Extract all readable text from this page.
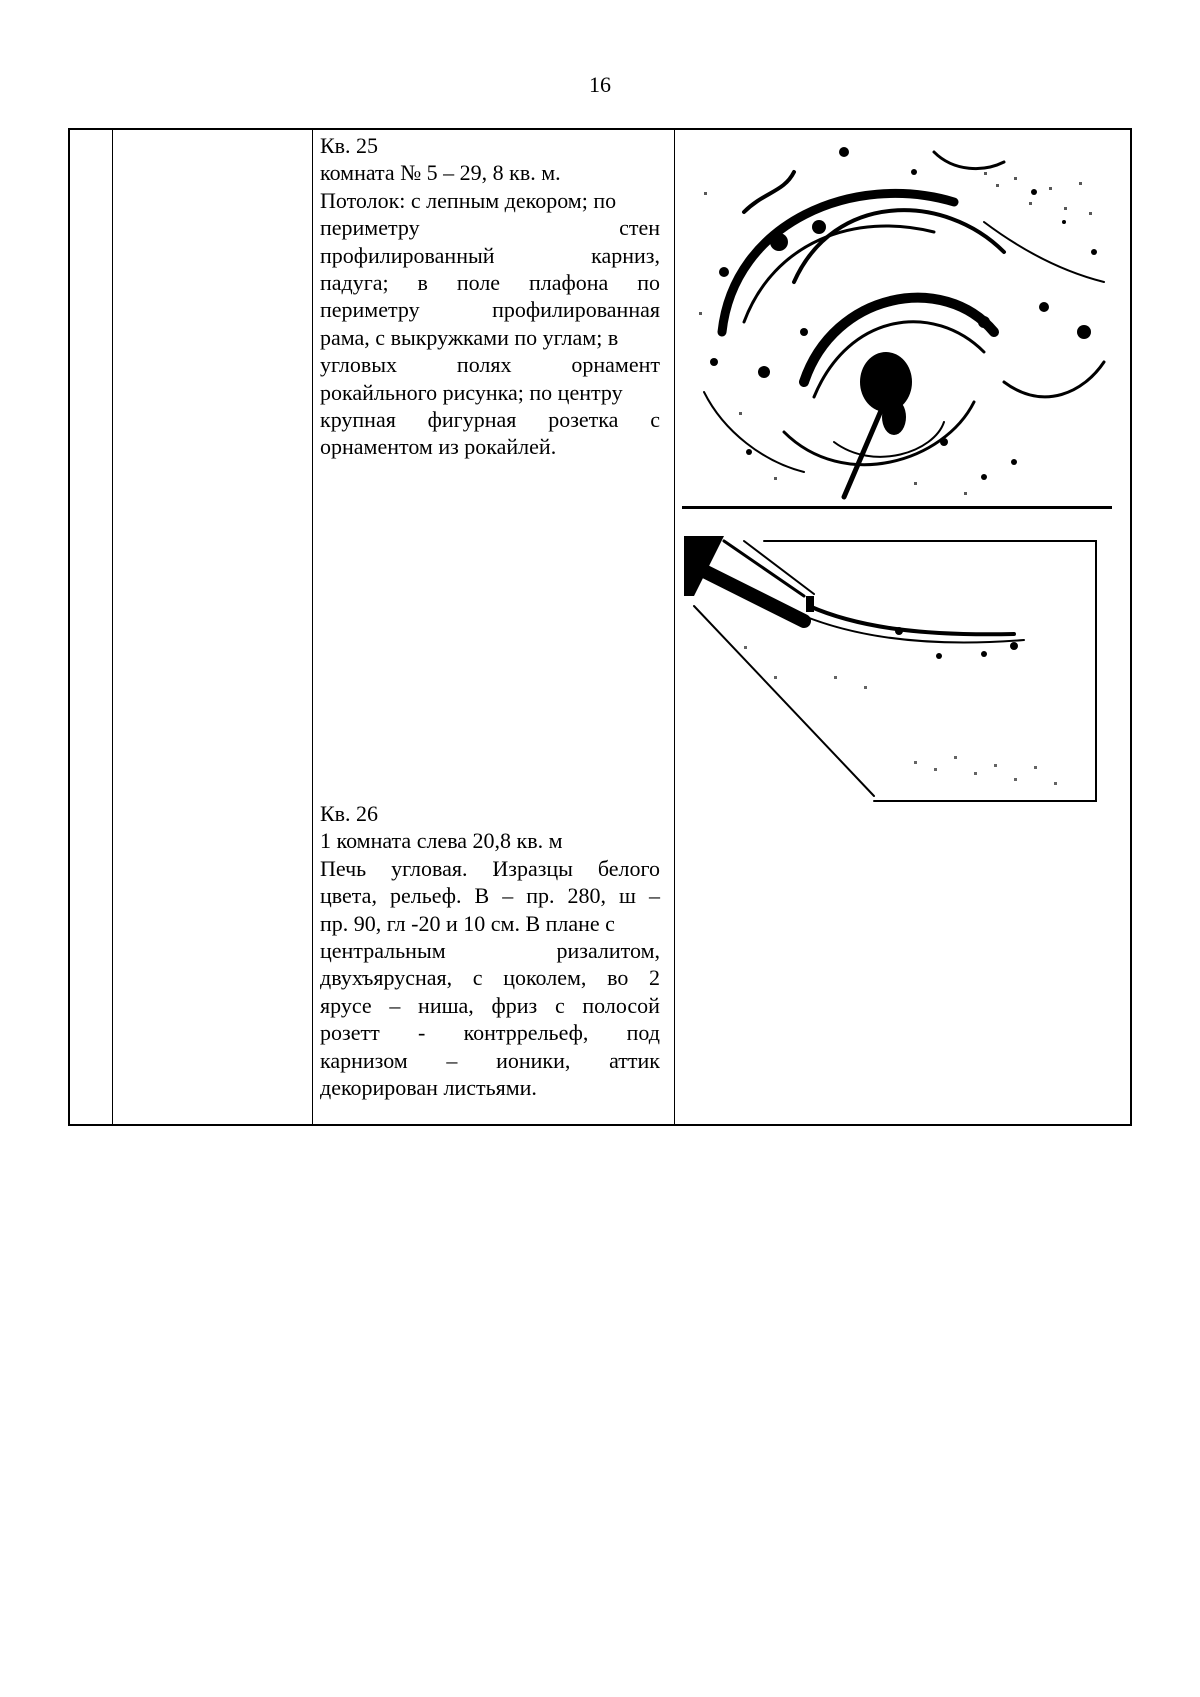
16
Кв. 25
комната № 5 – 29, 8 кв. м.
Потолок: с лепным декором; по
периметру	стен
профилированный	карниз,
падуга; в поле плафона по
периметру	профилированная
рама, с выкружками по углам; в
угловых	полях	орнамент
рокайльного рисунка; по центру
крупная фигурная розетка с
орнаментом из рокайлей.
Кв. 26
1 комната слева 20,8 кв. м
Печь угловая. Изразцы белого
цвета, рельеф. В – пр. 280, ш –
пр. 90, гл -20 и 10 см. В плане с
центральным	ризалитом,
двухъярусная, с цоколем, во 2
ярусе – ниша, фриз с полосой
розетт - контррельеф, под
карнизом – ионики, аттик
декорирован листьями.
